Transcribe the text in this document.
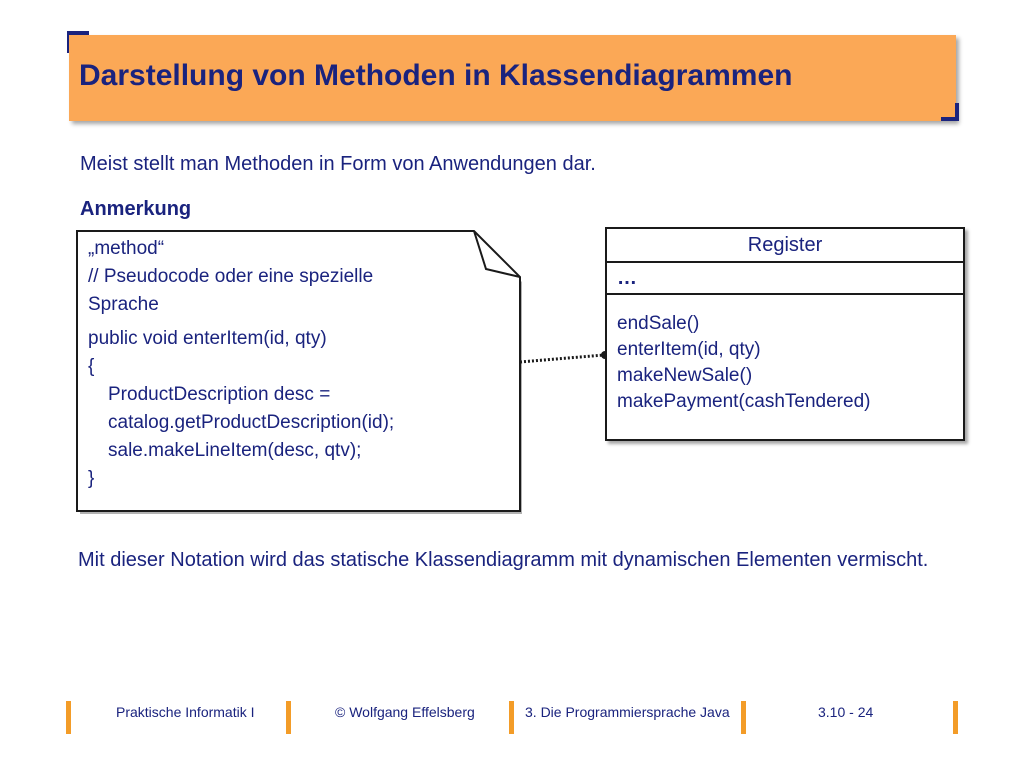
Darstellung von Methoden in Klassendiagrammen
Meist stellt man Methoden in Form von Anwendungen dar.
Anmerkung
„method“
// Pseudocode oder eine spezielle
Sprache
public void enterItem(id, qty)
{
ProductDescription desc =
catalog.getProductDescription(id);
sale.makeLineItem(desc, qtv);
}
Register
…
endSale()
enterItem(id, qty)
makeNewSale()
makePayment(cashTendered)
Mit dieser Notation wird das statische Klassendiagramm mit dynamischen Elementen vermischt.
Praktische Informatik I	© Wolfgang Effelsberg	3. Die Programmiersprache Java	3.10 - 24
